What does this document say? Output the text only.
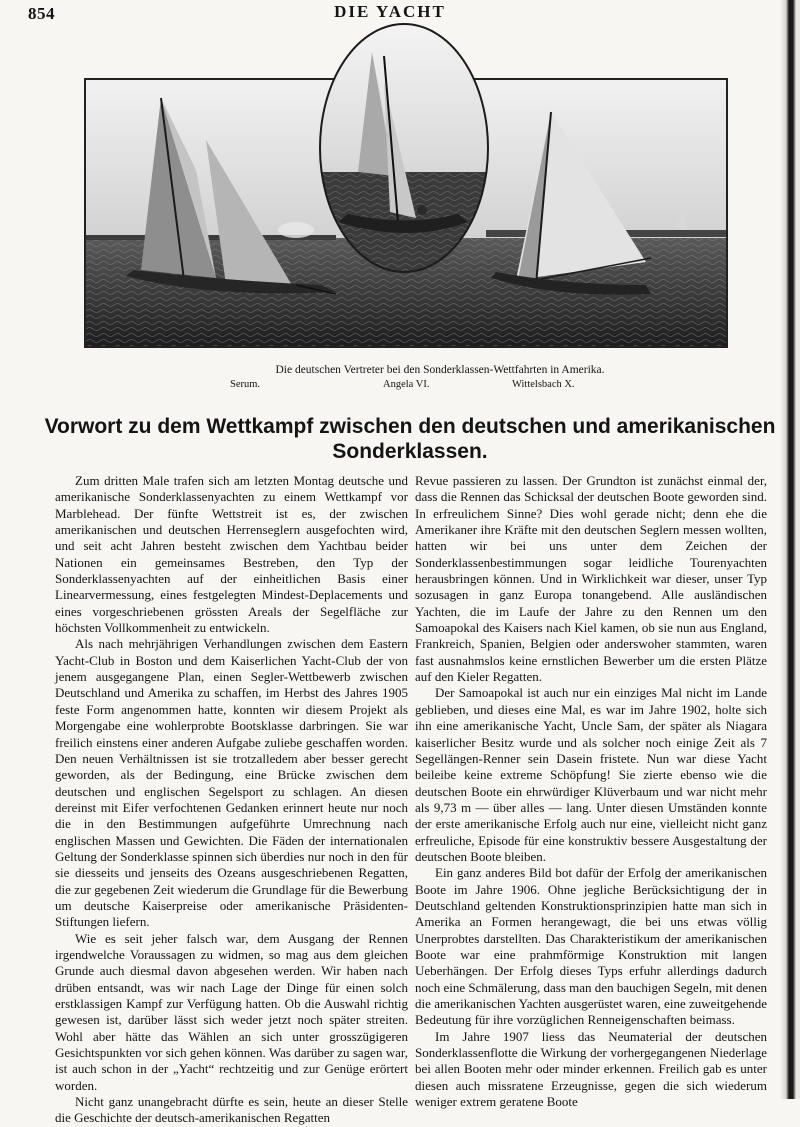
854	DIE YACHT
Die deutschen Vertreter bei den Sonderklassen-Wettfahrten in Amerika.
Serum.	Angela VI.	Wittelsbach X.
Vorwort zu dem Wettkampf zwischen den deutschen und amerikanischen Sonderklassen.

Zum dritten Male trafen sich am letzten Montag deutsche und amerikanische Sonderklassenyachten zu einem Wettkampf vor Marblehead. Der fünfte Wettstreit ist es, der zwischen amerikanischen und deutschen Herrenseglern ausgefochten wird, und seit acht Jahren besteht zwischen dem Yachtbau beider Nationen ein gemeinsames Bestreben, den Typ der Sonderklassenyachten auf der einheitlichen Basis einer Linearvermessung, eines festgelegten Mindest-Deplacements und eines vorgeschriebenen grössten Areals der Segelfläche zur höchsten Vollkommenheit zu entwickeln.

Als nach mehrjährigen Verhandlungen zwischen dem Eastern Yacht-Club in Boston und dem Kaiserlichen Yacht-Club der von jenem ausgegangene Plan, einen Segler-Wettbewerb zwischen Deutschland und Amerika zu schaffen, im Herbst des Jahres 1905 feste Form angenommen hatte, konnten wir diesem Projekt als Morgengabe eine wohlerprobte Bootsklasse darbringen. Sie war freilich einstens einer anderen Aufgabe zuliebe geschaffen worden. Den neuen Verhältnissen ist sie trotzalledem aber besser gerecht geworden, als der Bedingung, eine Brücke zwischen dem deutschen und englischen Segelsport zu schlagen. An diesen dereinst mit Eifer verfochtenen Gedanken erinnert heute nur noch die in den Bestimmungen aufgeführte Umrechnung nach englischen Massen und Gewichten. Die Fäden der internationalen Geltung der Sonderklasse spinnen sich überdies nur noch in den für sie diesseits und jenseits des Ozeans ausgeschriebenen Regatten, die zur gegebenen Zeit wiederum die Grundlage für die Bewerbung um deutsche Kaiserpreise oder amerikanische Präsidenten-Stiftungen liefern.

Wie es seit jeher falsch war, dem Ausgang der Rennen irgendwelche Voraussagen zu widmen, so mag aus dem gleichen Grunde auch diesmal davon abgesehen werden. Wir haben nach drüben entsandt, was wir nach Lage der Dinge für einen solch erstklassigen Kampf zur Verfügung hatten. Ob die Auswahl richtig gewesen ist, darüber lässt sich weder jetzt noch später streiten. Wohl aber hätte das Wählen an sich unter grosszügigeren Gesichtspunkten vor sich gehen können. Was darüber zu sagen war, ist auch schon in der „Yacht“ rechtzeitig und zur Genüge erörtert worden.

Nicht ganz unangebracht dürfte es sein, heute an dieser Stelle die Geschichte der deutsch-amerikanischen Regatten

Revue passieren zu lassen. Der Grundton ist zunächst einmal der, dass die Rennen das Schicksal der deutschen Boote geworden sind. In erfreulichem Sinne? Dies wohl gerade nicht; denn ehe die Amerikaner ihre Kräfte mit den deutschen Seglern messen wollten, hatten wir bei uns unter dem Zeichen der Sonderklassenbestimmungen sogar leidliche Tourenyachten herausbringen können. Und in Wirklichkeit war dieser, unser Typ sozusagen in ganz Europa tonangebend. Alle ausländischen Yachten, die im Laufe der Jahre zu den Rennen um den Samoapokal des Kaisers nach Kiel kamen, ob sie nun aus England, Frankreich, Spanien, Belgien oder anderswoher stammten, waren fast ausnahmslos keine ernstlichen Bewerber um die ersten Plätze auf den Kieler Regatten.

Der Samoapokal ist auch nur ein einziges Mal nicht im Lande geblieben, und dieses eine Mal, es war im Jahre 1902, holte sich ihn eine amerikanische Yacht, Uncle Sam, der später als Niagara kaiserlicher Besitz wurde und als solcher noch einige Zeit als 7 Segellängen-Renner sein Dasein fristete. Nun war diese Yacht beileibe keine extreme Schöpfung! Sie zierte ebenso wie die deutschen Boote ein ehrwürdiger Klüverbaum und war nicht mehr als 9,73 m — über alles — lang. Unter diesen Umständen konnte der erste amerikanische Erfolg auch nur eine, vielleicht nicht ganz erfreuliche, Episode für eine konstruktiv bessere Ausgestaltung der deutschen Boote bleiben.

Ein ganz anderes Bild bot dafür der Erfolg der amerikanischen Boote im Jahre 1906. Ohne jegliche Berücksichtigung der in Deutschland geltenden Konstruktionsprinzipien hatte man sich in Amerika an Formen herangewagt, die bei uns etwas völlig Unerprobtes darstellten. Das Charakteristikum der amerikanischen Boote war eine prahmförmige Konstruktion mit langen Ueberhängen. Der Erfolg dieses Typs erfuhr allerdings dadurch noch eine Schmälerung, dass man den bauchigen Segeln, mit denen die amerikanischen Yachten ausgerüstet waren, eine zuweitgehende Bedeutung für ihre vorzüglichen Renneigenschaften beimass.

Im Jahre 1907 liess das Neumaterial der deutschen Sonderklassenflotte die Wirkung der vorhergegangenen Niederlage bei allen Booten mehr oder minder erkennen. Freilich gab es unter diesen auch missratene Erzeugnisse, gegen die sich wiederum weniger extrem geratene Boote
